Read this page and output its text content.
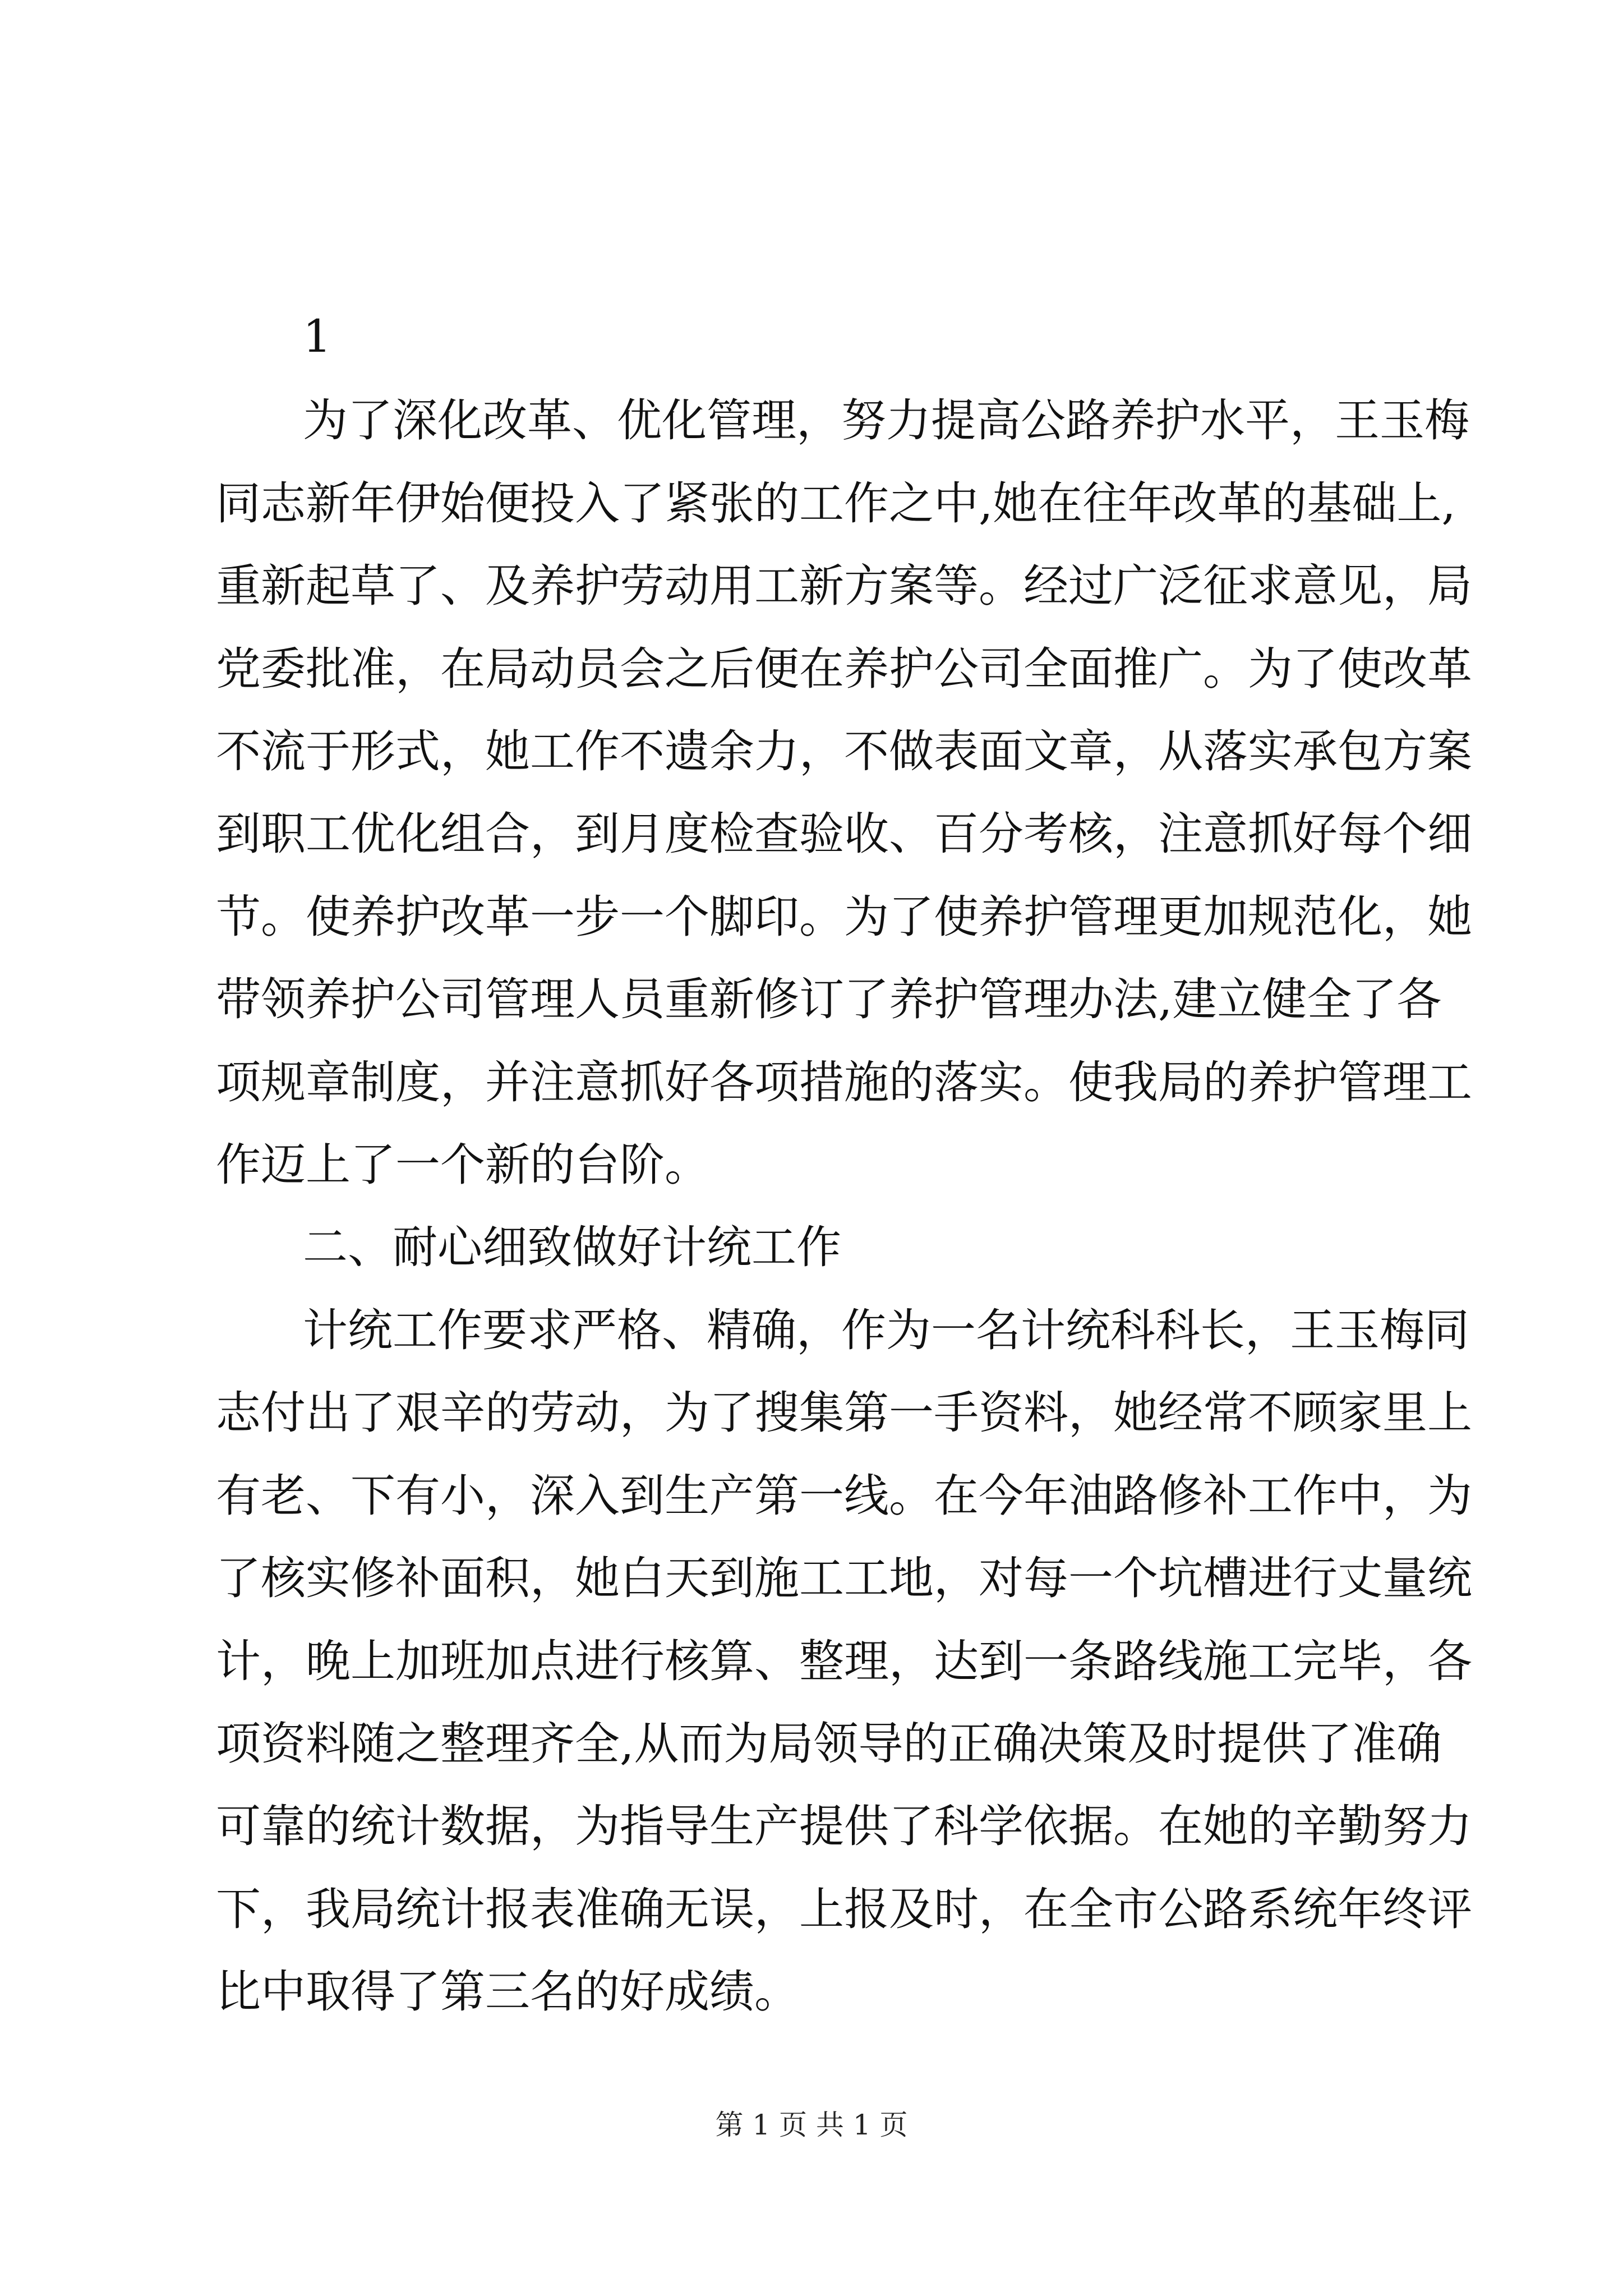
1
为了深化改革、优化管理，努力提高公路养护水平，王玉梅
同志新年伊始便投入了紧张的工作之中,她在往年改革的基础上,
重新起草了、及养护劳动用工新方案等。经过广泛征求意见，局
党委批准，在局动员会之后便在养护公司全面推广。为了使改革
不流于形式，她工作不遗余力，不做表面文章，从落实承包方案
到职工优化组合，到月度检查验收、百分考核，注意抓好每个细
节。使养护改革一步一个脚印。为了使养护管理更加规范化，她
带领养护公司管理人员重新修订了养护管理办法,建立健全了各
项规章制度，并注意抓好各项措施的落实。使我局的养护管理工
作迈上了一个新的台阶。
二、耐心细致做好计统工作
计统工作要求严格、精确，作为一名计统科科长，王玉梅同
志付出了艰辛的劳动，为了搜集第一手资料，她经常不顾家里上
有老、下有小，深入到生产第一线。在今年油路修补工作中，为
了核实修补面积，她白天到施工工地，对每一个坑槽进行丈量统
计，晚上加班加点进行核算、整理，达到一条路线施工完毕，各
项资料随之整理齐全,从而为局领导的正确决策及时提供了准确
可靠的统计数据，为指导生产提供了科学依据。在她的辛勤努力
下，我局统计报表准确无误，上报及时，在全市公路系统年终评
比中取得了第三名的好成绩。
第 1 页 共 1 页
